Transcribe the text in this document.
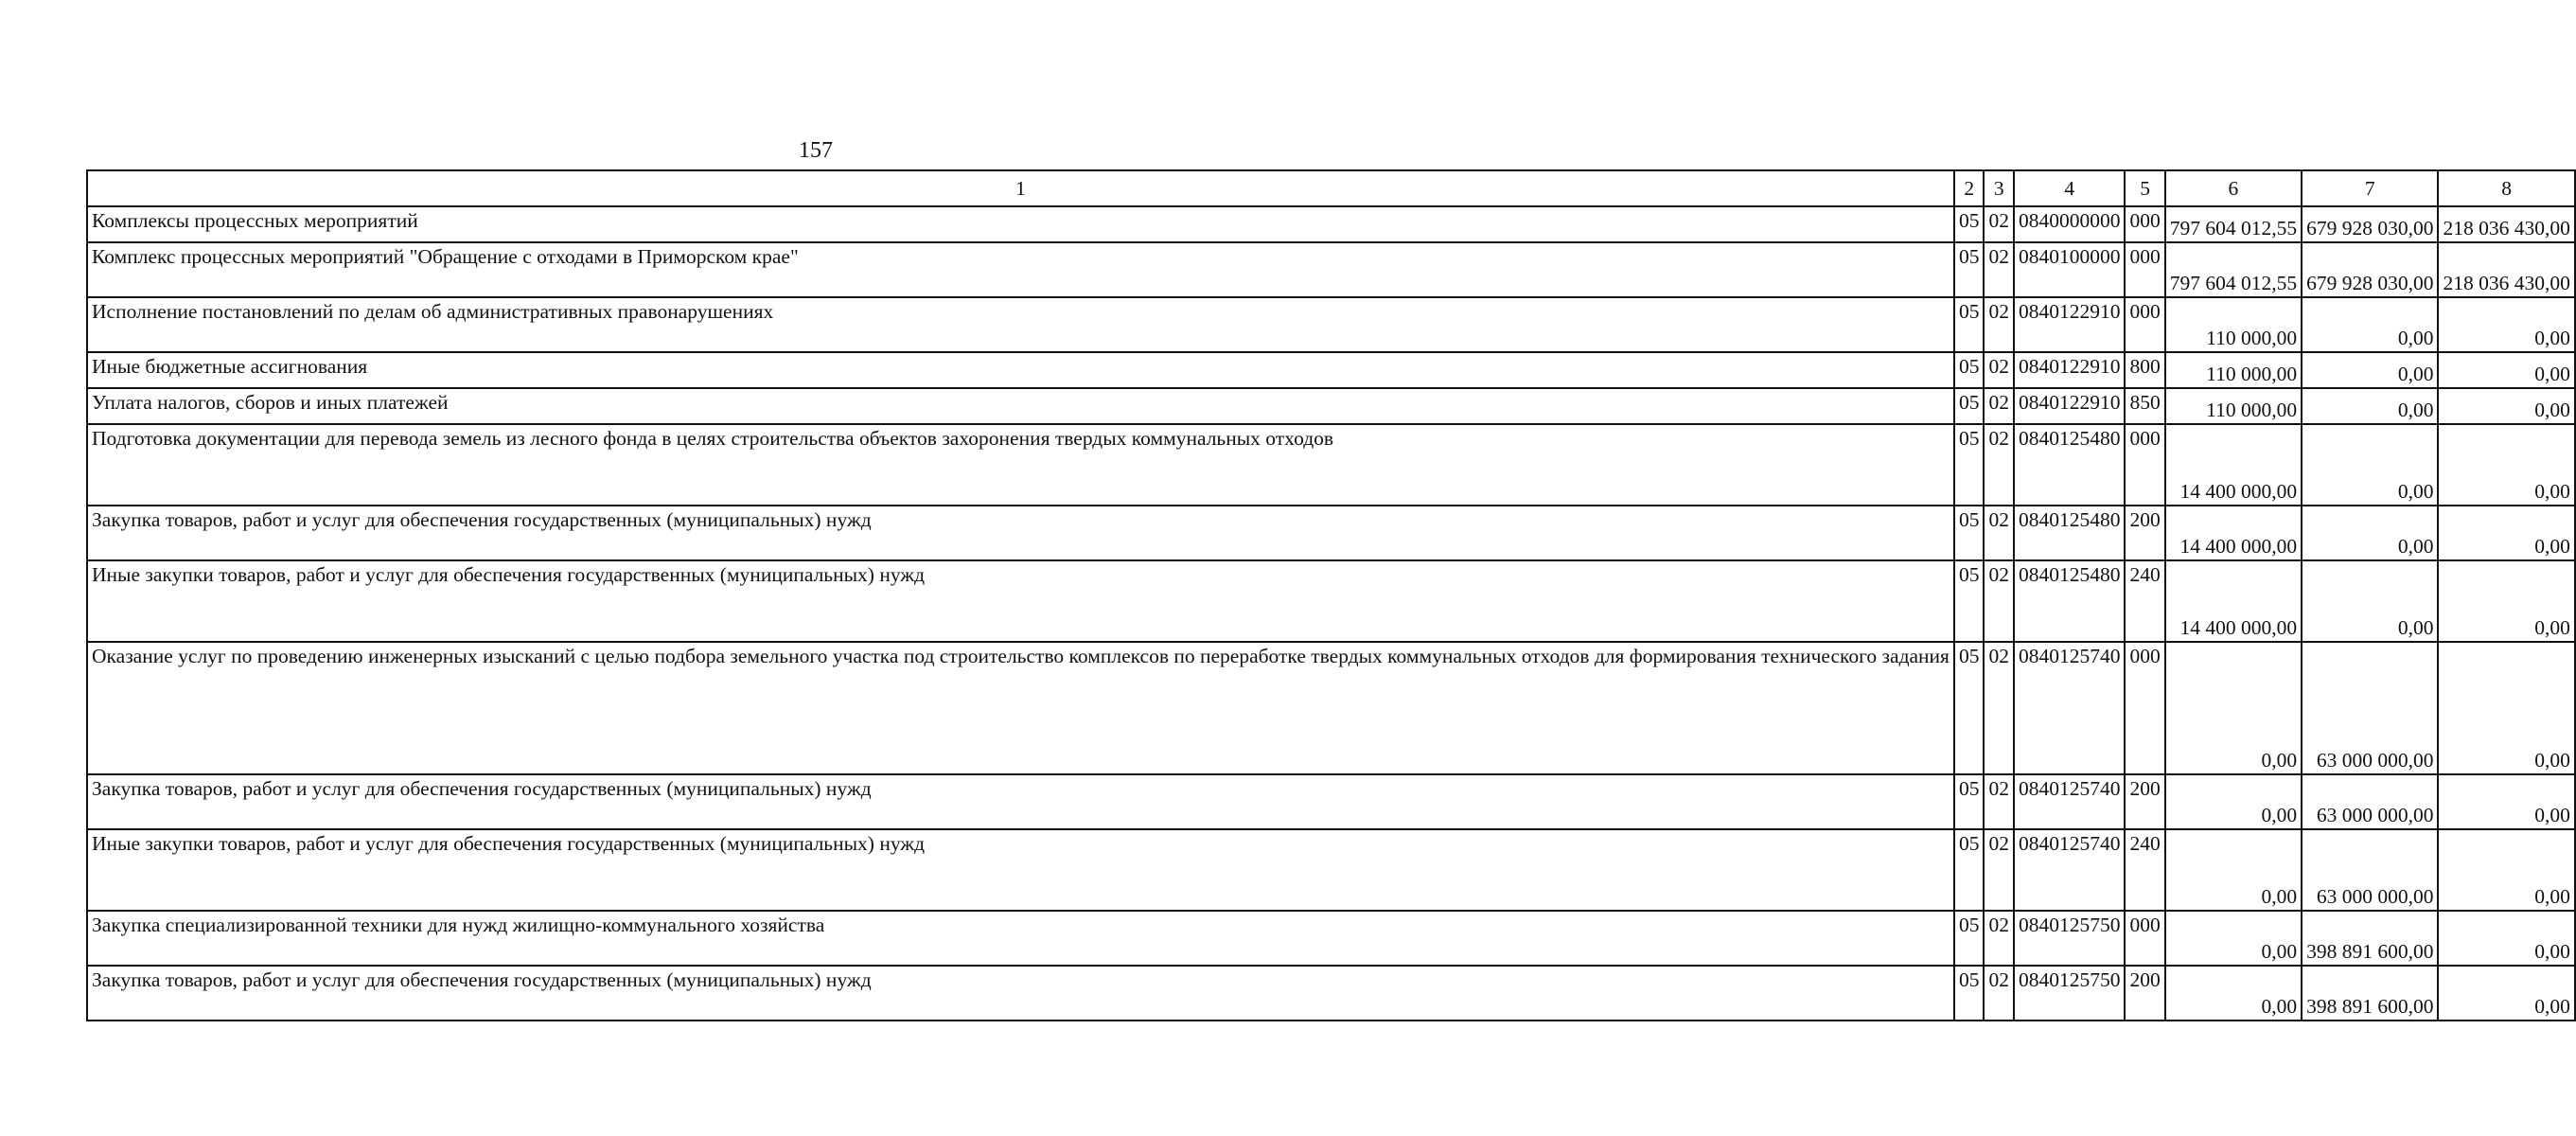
157
1	2	3	4	5	6	7	8
Комплексы процессных мероприятий	05	02	0840000000	000	797 604 012,55	679 928 030,00	218 036 430,00
Комплекс процессных мероприятий "Обращение с отходами в Приморском крае"	05	02	0840100000	000	797 604 012,55	679 928 030,00	218 036 430,00
Исполнение постановлений по делам об административных правонарушениях	05	02	0840122910	000	110 000,00	0,00	0,00
Иные бюджетные ассигнования	05	02	0840122910	800	110 000,00	0,00	0,00
Уплата налогов, сборов и иных платежей	05	02	0840122910	850	110 000,00	0,00	0,00
Подготовка документации для перевода земель из лесного фонда в целях строительства объектов захоронения твердых коммунальных отходов	05	02	0840125480	000	14 400 000,00	0,00	0,00
Закупка товаров, работ и услуг для обеспечения государственных (муниципальных) нужд	05	02	0840125480	200	14 400 000,00	0,00	0,00
Иные закупки товаров, работ и услуг для обеспечения государственных (муниципальных) нужд	05	02	0840125480	240	14 400 000,00	0,00	0,00
Оказание услуг по проведению инженерных изысканий с целью подбора земельного участка под строительство комплексов по переработке твердых коммунальных отходов для формирования технического задания	05	02	0840125740	000	0,00	63 000 000,00	0,00
Закупка товаров, работ и услуг для обеспечения государственных (муниципальных) нужд	05	02	0840125740	200	0,00	63 000 000,00	0,00
Иные закупки товаров, работ и услуг для обеспечения государственных (муниципальных) нужд	05	02	0840125740	240	0,00	63 000 000,00	0,00
Закупка специализированной техники для нужд жилищно-коммунального хозяйства	05	02	0840125750	000	0,00	398 891 600,00	0,00
Закупка товаров, работ и услуг для обеспечения государственных (муниципальных) нужд	05	02	0840125750	200	0,00	398 891 600,00	0,00
